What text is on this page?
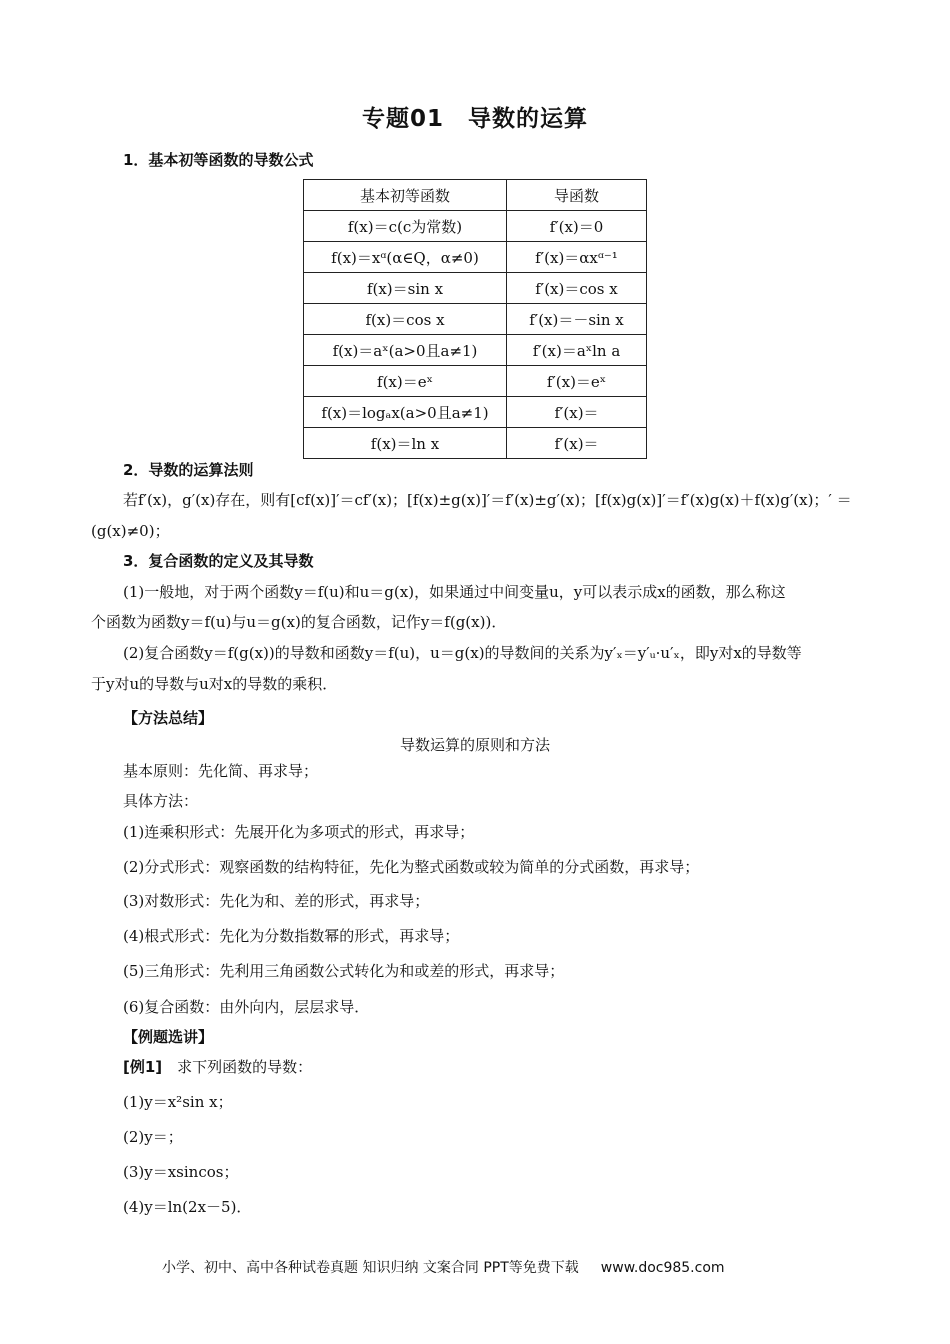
专题01　导数的运算
1．基本初等函数的导数公式
基本初等函数	导函数
f(x)＝c(c为常数)	f′(x)＝0
f(x)＝xᵅ(α∈Q，α≠0)	f′(x)＝αxᵅ⁻¹
f(x)＝sin x	f′(x)＝cos x
f(x)＝cos x	f′(x)＝－sin x
f(x)＝aˣ(a>0且a≠1)	f′(x)＝aˣln a
f(x)＝eˣ	f′(x)＝eˣ
f(x)＝logₐx(a>0且a≠1)	f′(x)＝
f(x)＝ln x	f′(x)＝
2．导数的运算法则
若f′(x)，g′(x)存在，则有[cf(x)]′＝cf′(x)；[f(x)±g(x)]′＝f′(x)±g′(x)；[f(x)g(x)]′＝f′(x)g(x)＋f(x)g′(x)；′ ＝
(g(x)≠0)；
3．复合函数的定义及其导数
(1)一般地，对于两个函数y＝f(u)和u＝g(x)，如果通过中间变量u，y可以表示成x的函数，那么称这
个函数为函数y＝f(u)与u＝g(x)的复合函数，记作y＝f(g(x))．
(2)复合函数y＝f(g(x))的导数和函数y＝f(u)，u＝g(x)的导数间的关系为y′ₓ＝y′ᵤ·u′ₓ，即y对x的导数等
于y对u的导数与u对x的导数的乘积．
【方法总结】
导数运算的原则和方法
基本原则：先化简、再求导；
具体方法：
(1)连乘积形式：先展开化为多项式的形式，再求导；
(2)分式形式：观察函数的结构特征，先化为整式函数或较为简单的分式函数，再求导；
(3)对数形式：先化为和、差的形式，再求导；
(4)根式形式：先化为分数指数幂的形式，再求导；
(5)三角形式：先利用三角函数公式转化为和或差的形式，再求导；
(6)复合函数：由外向内，层层求导．
【例题选讲】
[例1]　求下列函数的导数：
(1)y＝x²sin x；
(2)y＝；
(3)y＝xsincos；
(4)y＝ln(2x－5)．
小学、初中、高中各种试卷真题 知识归纳 文案合同 PPT等免费下载 www.doc985.com
